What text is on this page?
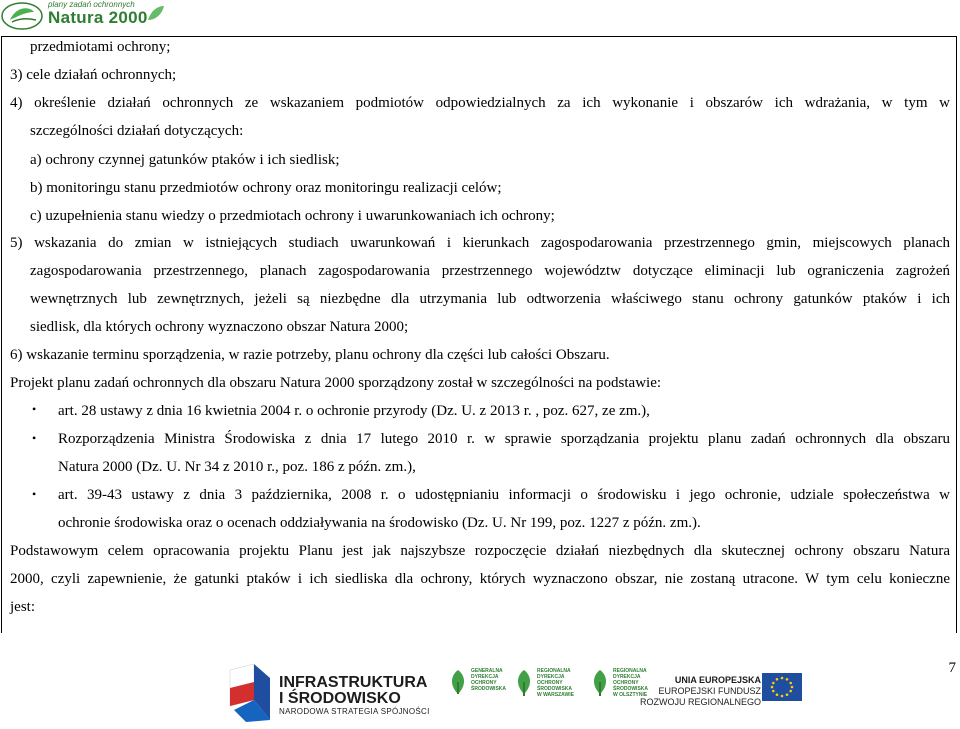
plany zadań ochronnych
Natura 2000
przedmiotami ochrony;
3) cele działań ochronnych;
4) określenie działań ochronnych ze wskazaniem podmiotów odpowiedzialnych za ich wykonanie i obszarów ich wdrażania, w tym w
szczególności działań dotyczących:
a) ochrony czynnej gatunków ptaków i ich siedlisk;
b) monitoringu stanu przedmiotów ochrony oraz monitoringu realizacji celów;
c) uzupełnienia stanu wiedzy o przedmiotach ochrony i uwarunkowaniach ich ochrony;
5) wskazania do zmian w istniejących studiach uwarunkowań i kierunkach zagospodarowania przestrzennego gmin, miejscowych planach
zagospodarowania przestrzennego, planach zagospodarowania przestrzennego województw dotyczące eliminacji lub ograniczenia zagrożeń
wewnętrznych lub zewnętrznych, jeżeli są niezbędne dla utrzymania lub odtworzenia właściwego stanu ochrony gatunków ptaków i ich
siedlisk, dla których ochrony wyznaczono obszar Natura 2000;
6) wskazanie terminu sporządzenia, w razie potrzeby, planu ochrony dla części lub całości Obszaru.
Projekt planu zadań ochronnych dla obszaru Natura 2000 sporządzony został w szczególności na podstawie:
• art. 28 ustawy z dnia 16 kwietnia 2004 r. o ochronie przyrody (Dz. U. z 2013 r. , poz. 627, ze zm.),
• Rozporządzenia Ministra Środowiska z dnia 17 lutego 2010 r. w sprawie sporządzania projektu planu zadań ochronnych dla obszaru
Natura 2000 (Dz. U. Nr 34 z 2010 r., poz. 186 z późn. zm.),
• art. 39-43 ustawy z dnia 3 października, 2008 r. o udostępnianiu informacji o środowisku i jego ochronie, udziale społeczeństwa w
ochronie środowiska oraz o ocenach oddziaływania na środowisko (Dz. U. Nr 199, poz. 1227 z późn. zm.).
Podstawowym celem opracowania projektu Planu jest jak najszybsze rozpoczęcie działań niezbędnych dla skutecznej ochrony obszaru Natura
2000, czyli zapewnienie, że gatunki ptaków i ich siedliska dla ochrony, których wyznaczono obszar, nie zostaną utracone. W tym celu konieczne
jest:
7
INFRASTRUKTURA
I ŚRODOWISKO
NARODOWA STRATEGIA SPÓJNOŚCI
GENERALNA
DYREKCJA
OCHRONY
ŚRODOWISKA
REGIONALNA
DYREKCJA
OCHRONY
ŚRODOWISKA
W WARSZAWIE
REGIONALNA
DYREKCJA
OCHRONY
ŚRODOWISKA
W OLSZTYNIE
UNIA EUROPEJSKA
EUROPEJSKI FUNDUSZ
ROZWOJU REGIONALNEGO
